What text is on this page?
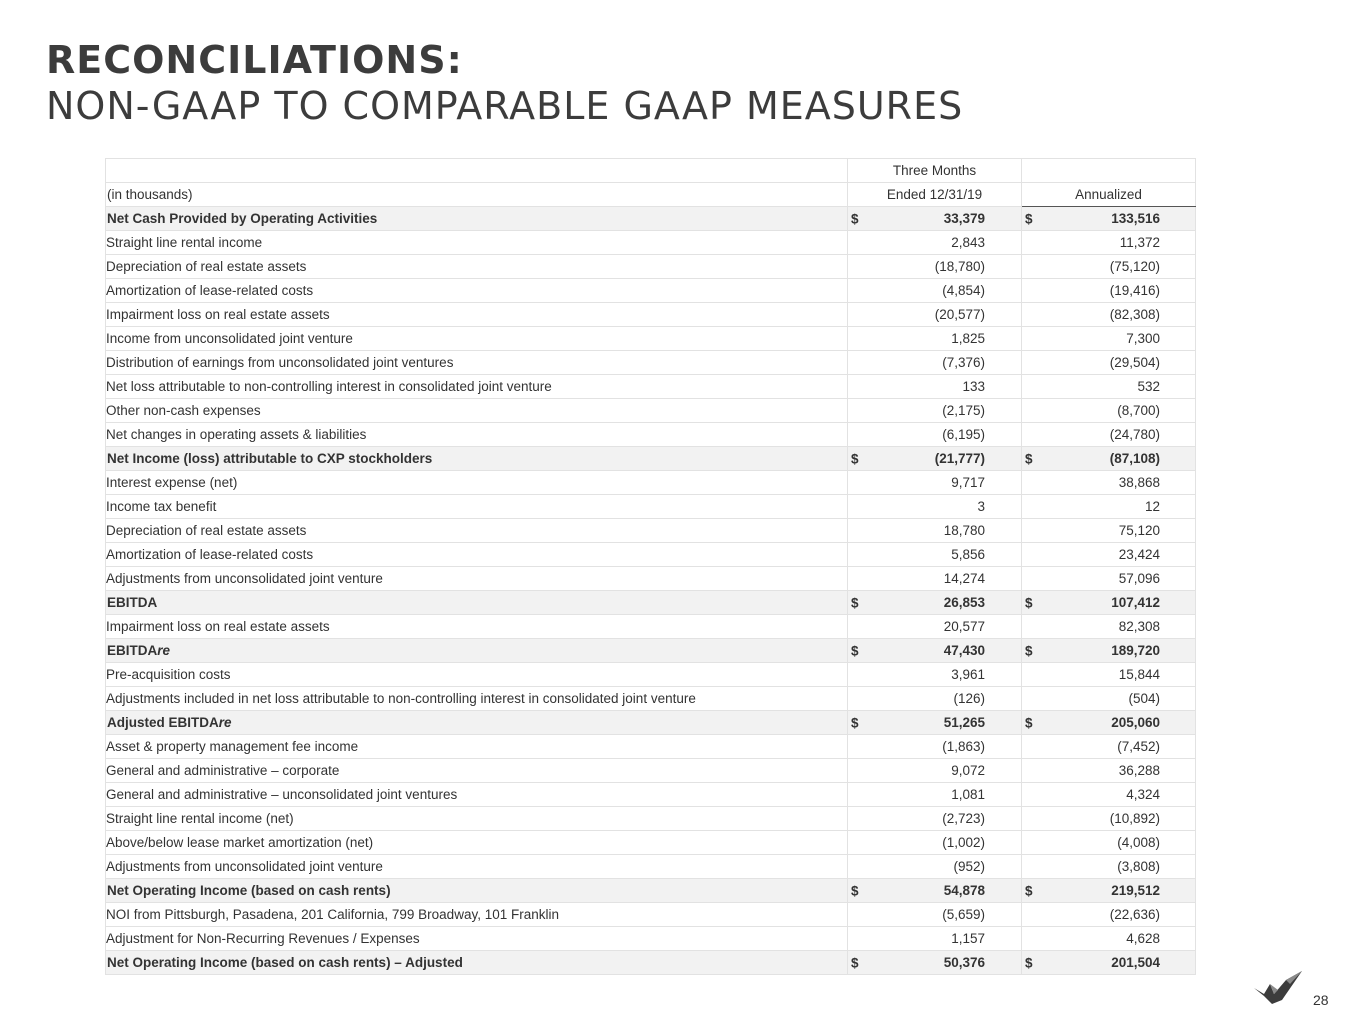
RECONCILIATIONS:
NON-GAAP TO COMPARABLE GAAP MEASURES
	Three Months	
(in thousands)	Ended 12/31/19	Annualized
Net Cash Provided by Operating Activities	$ 33,379	$ 133,516

Straight line rental income	2,843	11,372

Depreciation of real estate assets	(18,780)	(75,120)

Amortization of lease-related costs	(4,854)	(19,416)

Impairment loss on real estate assets	(20,577)	(82,308)

Income from unconsolidated joint venture	1,825	7,300

Distribution of earnings from unconsolidated joint ventures	(7,376)	(29,504)

Net loss attributable to non-controlling interest in consolidated joint venture	133	532

Other non-cash expenses	(2,175)	(8,700)

Net changes in operating assets & liabilities	(6,195)	(24,780)

Net Income (loss) attributable to CXP stockholders	$ (21,777)	$ (87,108)

Interest expense (net)	9,717	38,868

Income tax benefit	3	12

Depreciation of real estate assets	18,780	75,120

Amortization of lease-related costs	5,856	23,424

Adjustments from unconsolidated joint venture	14,274	57,096

EBITDA	$ 26,853	$ 107,412

Impairment loss on real estate assets	20,577	82,308

EBITDAre	$ 47,430	$ 189,720

Pre-acquisition costs	3,961	15,844

Adjustments included in net loss attributable to non-controlling interest in consolidated joint venture	(126)	(504)

Adjusted EBITDAre	$ 51,265	$ 205,060

Asset & property management fee income	(1,863)	(7,452)

General and administrative – corporate	9,072	36,288

General and administrative – unconsolidated joint ventures	1,081	4,324

Straight line rental income (net)	(2,723)	(10,892)

Above/below lease market amortization (net)	(1,002)	(4,008)

Adjustments from unconsolidated joint venture	(952)	(3,808)

Net Operating Income (based on cash rents)	$ 54,878	$ 219,512

NOI from Pittsburgh, Pasadena, 201 California, 799 Broadway, 101 Franklin	(5,659)	(22,636)

Adjustment for Non-Recurring Revenues / Expenses	1,157	4,628

Net Operating Income (based on cash rents) – Adjusted	$ 50,376	$ 201,504
28
